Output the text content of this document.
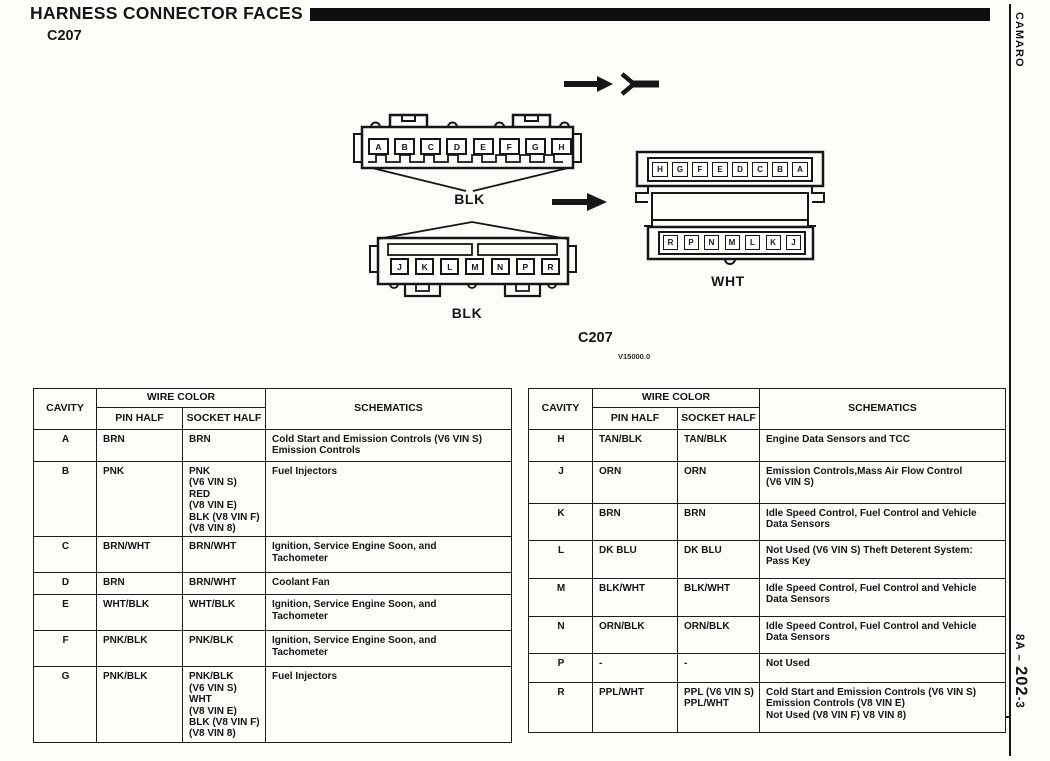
HARNESS CONNECTOR FACES
C207	CAMARO
8A – 202-3
A	B	C	D	E	F	G	H
BLK
J	K	L	M	N	P	R
BLK
H	G	F	E	D	C	B	A
R	P	N	M	L	K	J
WHT
C207
V15000.0
CAVITY	WIRE COLOR		SCHEMATICS
	PIN HALF	SOCKET HALF	
A	BRN	BRN	Cold Start and Emission Controls (V6 VIN S)
Emission Controls
B	PNK	PNK
(V6 VIN S)
RED
(V8 VIN E)
BLK (V8 VIN F)
(V8 VIN 8)	Fuel Injectors
C	BRN/WHT	BRN/WHT	Ignition, Service Engine Soon, and
Tachometer
D	BRN	BRN/WHT	Coolant Fan
E	WHT/BLK	WHT/BLK	Ignition, Service Engine Soon, and
Tachometer
F	PNK/BLK	PNK/BLK	Ignition, Service Engine Soon, and
Tachometer
G	PNK/BLK	PNK/BLK
(V6 VIN S)
WHT
(V8 VIN E)
BLK (V8 VIN F)
(V8 VIN 8)	Fuel Injectors
CAVITY	WIRE COLOR		SCHEMATICS
	PIN HALF	SOCKET HALF	
H	TAN/BLK	TAN/BLK	Engine Data Sensors and TCC
J	ORN	ORN	Emission Controls,Mass Air Flow Control
(V6 VIN S)
K	BRN	BRN	Idle Speed Control, Fuel Control and Vehicle
Data Sensors
L	DK BLU	DK BLU	Not Used (V6 VIN S) Theft Deterent System:
Pass Key
M	BLK/WHT	BLK/WHT	Idle Speed Control, Fuel Control and Vehicle
Data Sensors
N	ORN/BLK	ORN/BLK	Idle Speed Control, Fuel Control and Vehicle
Data Sensors
P	-	-	Not Used
R	PPL/WHT	PPL (V6 VIN S)
PPL/WHT	Cold Start and Emission Controls (V6 VIN S)
Emission Controls (V8 VIN E)
Not Used (V8 VIN F) V8 VIN 8)
